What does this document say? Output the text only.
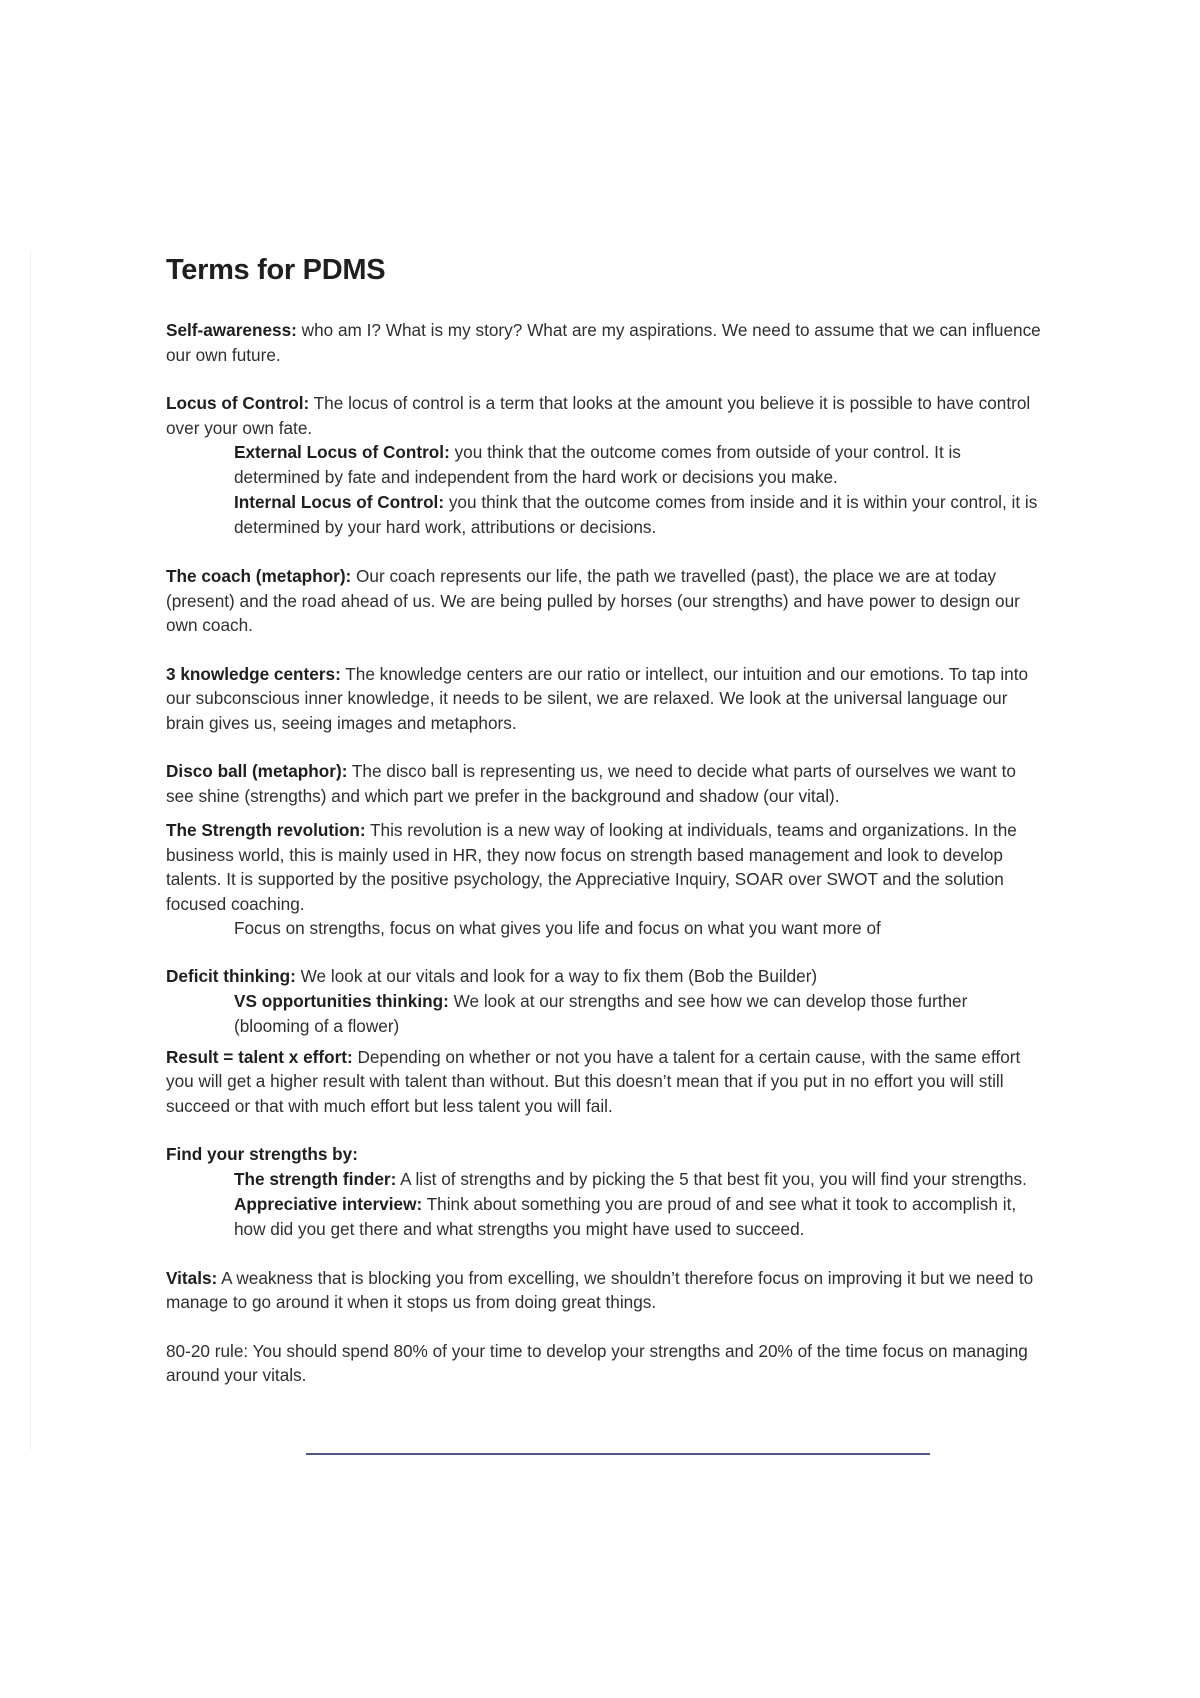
Terms for PDMS

Self-awareness: who am I? What is my story? What are my aspirations. We need to assume that we can influence our own future.

Locus of Control: The locus of control is a term that looks at the amount you believe it is possible to have control over your own fate.
External Locus of Control: you think that the outcome comes from outside of your control. It is determined by fate and independent from the hard work or decisions you make.
Internal Locus of Control: you think that the outcome comes from inside and it is within your control, it is determined by your hard work, attributions or decisions.

The coach (metaphor): Our coach represents our life, the path we travelled (past), the place we are at today (present) and the road ahead of us. We are being pulled by horses (our strengths) and have power to design our own coach.

3 knowledge centers: The knowledge centers are our ratio or intellect, our intuition and our emotions. To tap into our subconscious inner knowledge, it needs to be silent, we are relaxed. We look at the universal language our brain gives us, seeing images and metaphors.

Disco ball (metaphor): The disco ball is representing us, we need to decide what parts of ourselves we want to see shine (strengths) and which part we prefer in the background and shadow (our vital).

The Strength revolution: This revolution is a new way of looking at individuals, teams and organizations. In the business world, this is mainly used in HR, they now focus on strength based management and look to develop talents. It is supported by the positive psychology, the Appreciative Inquiry, SOAR over SWOT and the solution focused coaching.
Focus on strengths, focus on what gives you life and focus on what you want more of
Deficit thinking: We look at our vitals and look for a way to fix them (Bob the Builder)
VS opportunities thinking: We look at our strengths and see how we can develop those further (blooming of a flower)

Result = talent x effort: Depending on whether or not you have a talent for a certain cause, with the same effort you will get a higher result with talent than without. But this doesn’t mean that if you put in no effort you will still succeed or that with much effort but less talent you will fail.

Find your strengths by:
The strength finder: A list of strengths and by picking the 5 that best fit you, you will find your strengths.
Appreciative interview: Think about something you are proud of and see what it took to accomplish it, how did you get there and what strengths you might have used to succeed.

Vitals: A weakness that is blocking you from excelling, we shouldn’t therefore focus on improving it but we need to manage to go around it when it stops us from doing great things.

80-20 rule: You should spend 80% of your time to develop your strengths and 20% of the time focus on managing around your vitals.
